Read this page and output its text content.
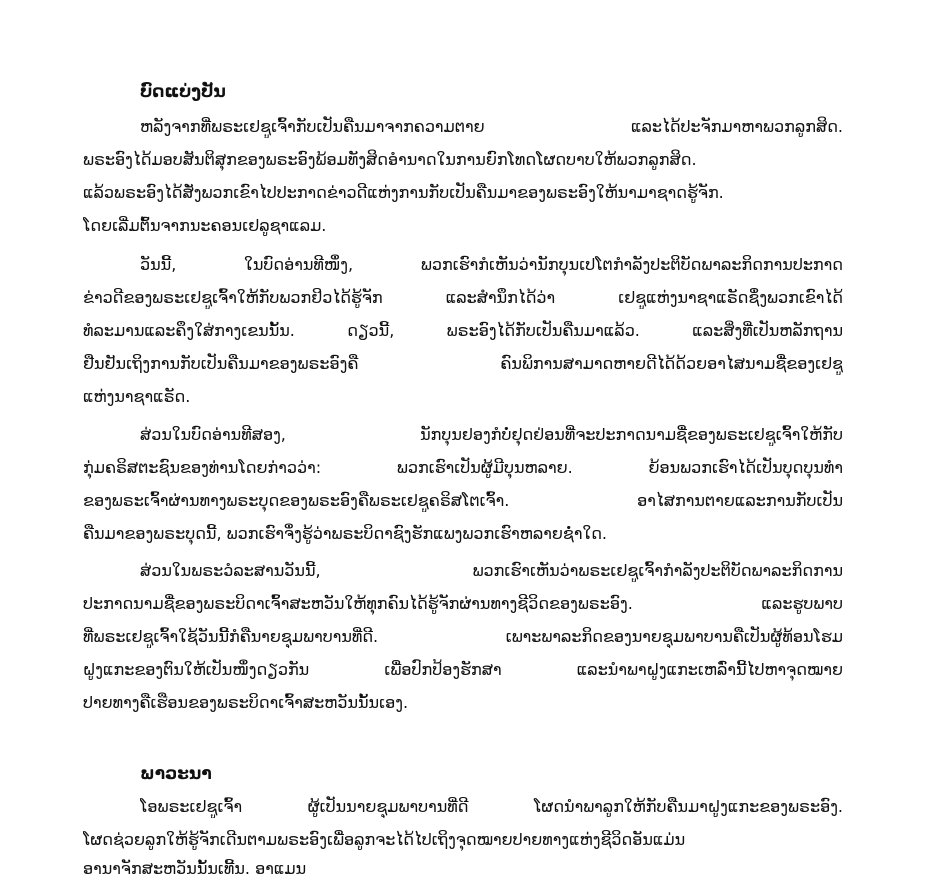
ບົດແບ່ງປັນ
ຫລັງຈາກທີ່ພຣະເຢຊູເຈົ້າກັບເປັນຄືນມາຈາກຄວາມຕາຍ ແລະໄດ້ປະຈັກມາຫາພວກລູກສິດ.
ພຣະອົງໄດ້ມອບສັນຕິສຸກຂອງພຣະອົງພ້ອມທັງສິດອຳນາດໃນການຍົກໂທດໂຜດບາບໃຫ້ພວກລູກສິດ.
ແລ້ວພຣະອົງໄດ້ສັ່ງພວກເຂົາໄປປະກາດຂ່າວດີແຫ່ງການກັບເປັນຄືນມາຂອງພຣະອົງໃຫ້ນາມາຊາດຮູ້ຈັກ.
ໂດຍເລີ່ມຕົ້ນຈາກນະຄອນເຢລູຊາແລມ.
ວັນນີ້, ໃນບົດອ່ານທີໜຶ່ງ, ພວກເຮົາກໍເຫັນວ່ານັກບຸນເປໂຕກຳລັງປະຕິບັດພາລະກິດການປະກາດ
ຂ່າວດີຂອງພຣະເຢຊູເຈົ້າໃຫ້ກັບພວກຢິວໄດ້ຮູ້ຈັກ ແລະສຳນຶກໄດ້ວ່າ ເຢຊູແຫ່ງນາຊາແຣັດຊຶ່ງພວກເຂົາໄດ້
ທໍລະມານແລະຄຶງໃສ່ກາງເຂນນັ້ນ. ດຽວນີ້, ພຣະອົງໄດ້ກັບເປັນຄືນມາແລ້ວ. ແລະສິ່ງທີ່ເປັນຫລັກຖານ
ຢືນຢັນເຖິງການກັບເປັນຄືນມາຂອງພຣະອົງຄື ຄົນພິການສາມາດຫາຍດີໄດ້ດ້ວຍອາໄສນາມຊື່ຂອງເຢຊູ
ແຫ່ງນາຊາແຣັດ.
ສ່ວນໃນບົດອ່ານທີສອງ, ນັກບຸນຢອງກໍບໍ່ຢຸດຢ່ອນທີ່ຈະປະກາດນາມຊື່ຂອງພຣະເຢຊູເຈົ້າໃຫ້ກັບ
ກຸ່ມຄຣິສຕະຊົນຂອງທ່ານໂດຍກ່າວວ່າ: ພວກເຮົາເປັນຜູ້ມີບຸນຫລາຍ. ຍ້ອນພວກເຮົາໄດ້ເປັນບຸດບຸນທຳ
ຂອງພຣະເຈົ້າຜ່ານທາງພຣະບຸດຂອງພຣະອົງຄືພຣະເຢຊູຄຣິສໂຕເຈົ້າ. ອາໄສການຕາຍແລະການກັບເປັນ
ຄືນມາຂອງພຣະບຸດນີ້, ພວກເຮົາຈຶ່ງຮູ້ວ່າພຣະບິດາຊົງຮັກແພງພວກເຮົາຫລາຍຊ່ຳໃດ.
ສ່ວນໃນພຣະວໍລະສານວັນນີ້, ພວກເຮົາເຫັນວ່າພຣະເຢຊູເຈົ້າກຳລັງປະຕິບັດພາລະກິດການ
ປະກາດນາມຊື່ຂອງພຣະບິດາເຈົ້າສະຫວັນໃຫ້ທຸກຄົນໄດ້ຮູ້ຈັກຜ່ານທາງຊີວິດຂອງພຣະອົງ. ແລະຮູບພາບ
ທີ່ພຣະເຢຊູເຈົ້າໃຊ້ວັນນີ້ກໍຄືນາຍຊຸມພາບານທີ່ດີ. ເພາະພາລະກິດຂອງນາຍຊຸມພາບານຄືເປັນຜູ້ທ້ອນໂຮມ
ຝູງແກະຂອງຕົນໃຫ້ເປັນໜຶ່ງດຽວກັນ ເພື່ອປົກປ້ອງຮັກສາ ແລະນຳພາຝູງແກະເຫລົ່ານີ້ໄປຫາຈຸດໝາຍ
ປາຍທາງຄືເຮືອນຂອງພຣະບິດາເຈົ້າສະຫວັນນັ້ນເອງ.
ພາວະນາ
ໂອພຣະເຢຊູເຈົ້າ ຜູ້ເປັນນາຍຊຸມພາບານທີ່ດີ ໂຜດນຳພາລູກໃຫ້ກັບຄືນມາຝູງແກະຂອງພຣະອົງ.
ໂຜດຊ່ວຍລູກໃຫ້ຮູ້ຈັກເດີນຕາມພຣະອົງເພື່ອລູກຈະໄດ້ໄປເຖິງຈຸດໝາຍປາຍທາງແຫ່ງຊີວິດອັນແມ່ນ
ອານາຈັກສະຫວັນນັ້ນເທີ້ນ. ອາແມນ
